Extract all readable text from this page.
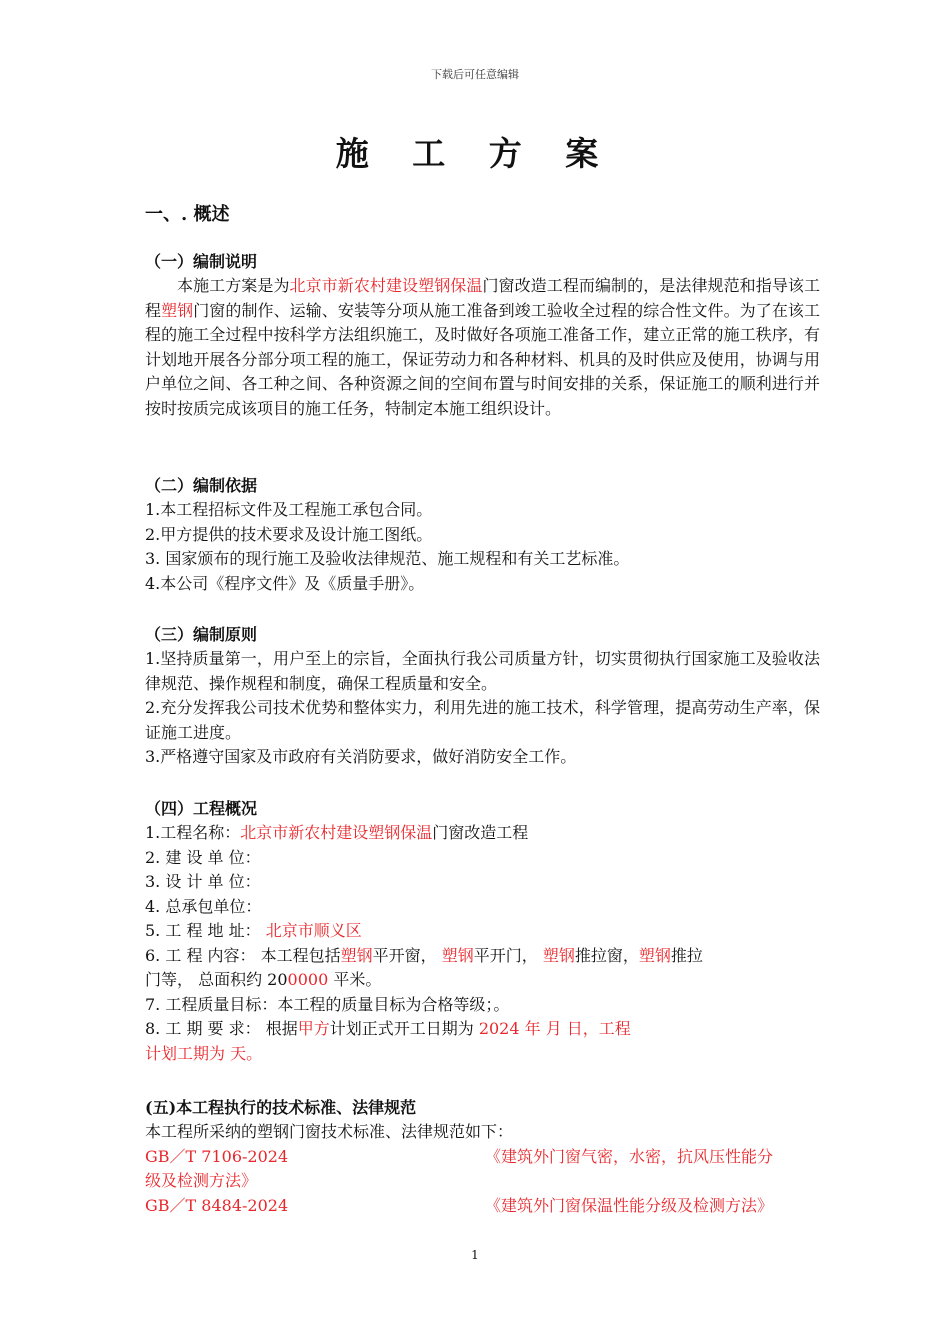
下载后可任意编辑
施 工 方 案
一、. 概述

（一）编制说明

本施工方案是为北京市新农村建设塑钢保温门窗改造工程而编制的，是法律规范和指导该工程塑钢门窗的制作、运输、安装等分项从施工准备到竣工验收全过程的综合性文件。为了在该工程的施工全过程中按科学方法组织施工，及时做好各项施工准备工作，建立正常的施工秩序，有计划地开展各分部分项工程的施工，保证劳动力和各种材料、机具的及时供应及使用，协调与用户单位之间、各工种之间、各种资源之间的空间布置与时间安排的关系，保证施工的顺利进行并按时按质完成该项目的施工任务，特制定本施工组织设计。

（二）编制依据

1.本工程招标文件及工程施工承包合同。

2.甲方提供的技术要求及设计施工图纸。

3. 国家颁布的现行施工及验收法律规范、施工规程和有关工艺标准。

4.本公司《程序文件》及《质量手册》。

（三）编制原则

1.坚持质量第一，用户至上的宗旨，全面执行我公司质量方针，切实贯彻执行国家施工及验收法律规范、操作规程和制度，确保工程质量和安全。

2.充分发挥我公司技术优势和整体实力，利用先进的施工技术，科学管理，提高劳动生产率，保证施工进度。

3.严格遵守国家及市政府有关消防要求，做好消防安全工作。

（四）工程概况

1.工程名称：北京市新农村建设塑钢保温门窗改造工程

2. 建 设 单 位：

3. 设 计 单 位：

4. 总承包单位：

5. 工 程 地 址： 北京市顺义区

6. 工 程 内容： 本工程包括塑钢平开窗， 塑钢平开门， 塑钢推拉窗，塑钢推拉

门等， 总面积约 200000 平米。

7. 工程质量目标：本工程的质量目标为合格等级；。

8. 工 期 要 求： 根据甲方计划正式开工日期为 2024 年 月 日，工程

计划工期为 天。

(五)本工程执行的技术标准、法律规范

本工程所采纳的塑钢门窗技术标准、法律规范如下：

GB／T 7106-2024	《建筑外门窗气密，水密，抗风压性能分

级及检测方法》

GB／T 8484-2024	《建筑外门窗保温性能分级及检测方法》
1
